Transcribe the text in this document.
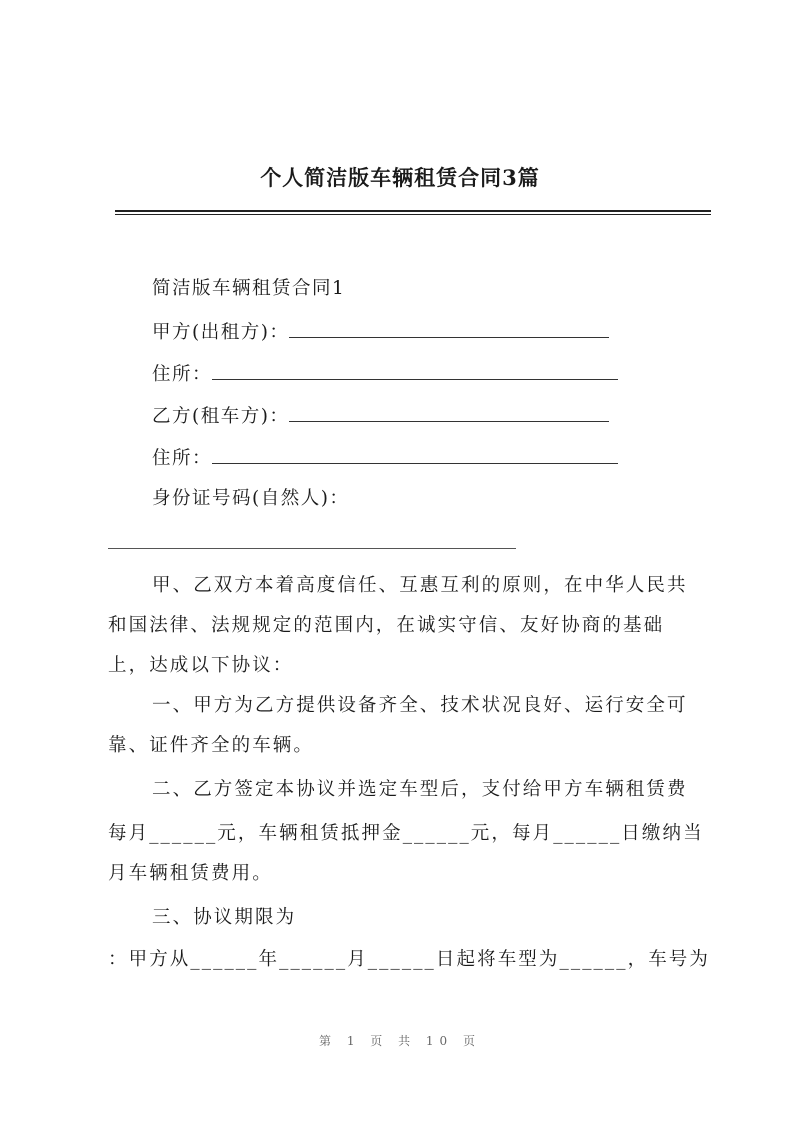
个人简洁版车辆租赁合同3篇
简洁版车辆租赁合同1
甲方(出租方)：
住所：
乙方(租车方)：
住所：
身份证号码(自然人)：
甲、乙双方本着高度信任、互惠互利的原则，在中华人民共
和国法律、法规规定的范围内，在诚实守信、友好协商的基础
上，达成以下协议：
一、甲方为乙方提供设备齐全、技术状况良好、运行安全可
靠、证件齐全的车辆。
二、乙方签定本协议并选定车型后，支付给甲方车辆租赁费
每月______元，车辆租赁抵押金______元，每月______日缴纳当
月车辆租赁费用。
三、协议期限为
：甲方从______年______月______日起将车型为______，车号为
第 1 页 共 10 页
